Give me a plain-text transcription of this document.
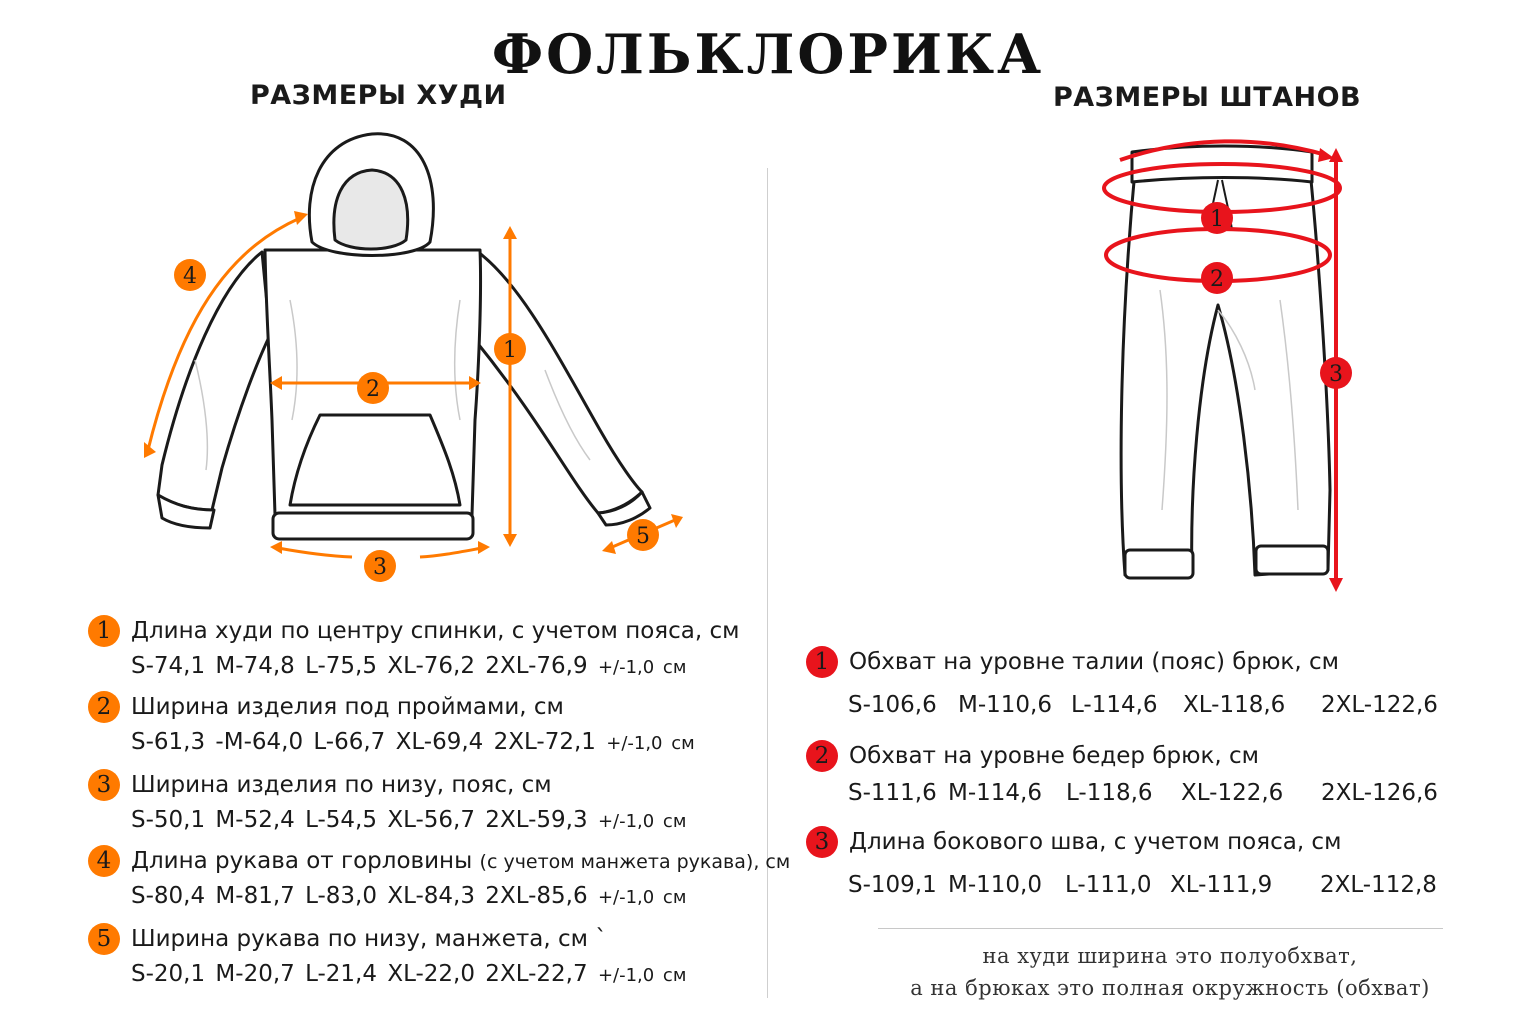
ФОЛЬКЛОРИКА
РАЗМЕРЫ ХУДИ	РАЗМЕРЫ ШТАНОВ
4
2
1
3
5
1
2
3
1 Длина худи по центру спинки, с учетом пояса, см
S-74,1 M-74,8 L-75,5 XL-76,2 2XL-76,9 +/-1,0 см
2 Ширина изделия под проймами, см
S-61,3 -M-64,0 L-66,7 XL-69,4 2XL-72,1 +/-1,0 см
3 Ширина изделия по низу, пояс, см
S-50,1 M-52,4 L-54,5 XL-56,7 2XL-59,3 +/-1,0 см
4 Длина рукава от горловины (с учетом манжета рукава), см
S-80,4 M-81,7 L-83,0 XL-84,3 2XL-85,6 +/-1,0 см
5 Ширина рукава по низу, манжета, см `
S-20,1 M-20,7 L-21,4 XL-22,0 2XL-22,7 +/-1,0 см
1 Обхват на уровне талии (пояс) брюк, см
S-106,6 M-110,6 L-114,6	XL-118,6	2XL-122,6
2 Обхват на уровне бедер брюк, см
S-111,6 M-114,6	L-118,6	XL-122,6	2XL-126,6
3 Длина бокового шва, с учетом пояса, см
S-109,1 M-110,0	L-111,0 XL-111,9	2XL-112,8
на худи ширина это полуобхват,
а на брюках это полная окружность (обхват)
